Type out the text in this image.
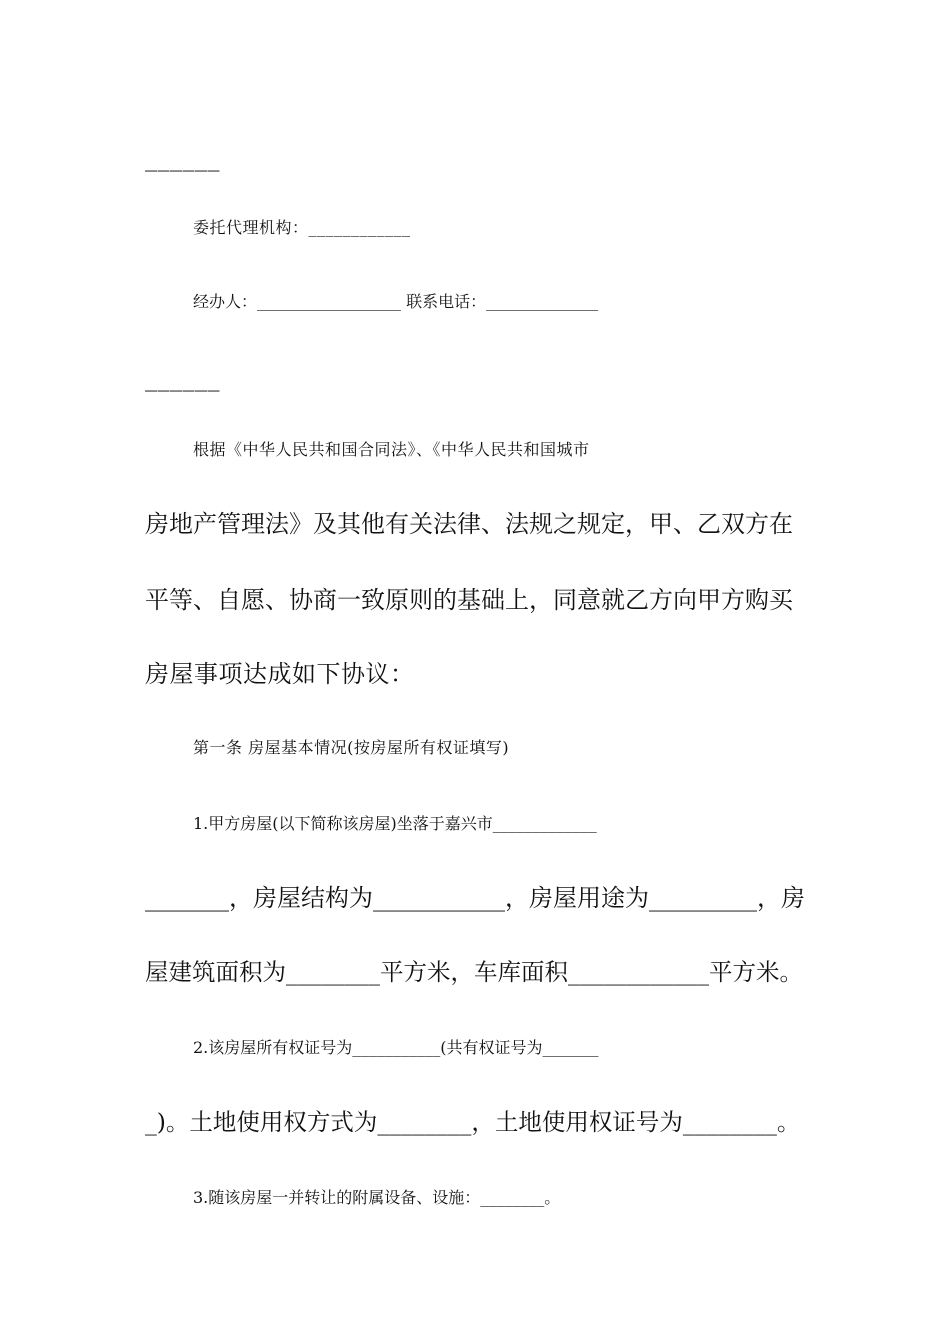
______
委托代理机构：____________
经办人：__________________ 联系电话：______________
______
根据《中华人民共和国合同法》、《中华人民共和国城市
房地产管理法》及其他有关法律、法规之规定，甲、乙双方在
平等、自愿、协商一致原则的基础上，同意就乙方向甲方购买
房屋事项达成如下协议：
第一条 房屋基本情况(按房屋所有权证填写)
1.甲方房屋(以下简称该房屋)坐落于嘉兴市_____________
_______，房屋结构为___________，房屋用途为_________，房
屋建筑面积为________平方米，车库面积____________平方米。
2.该房屋所有权证号为___________(共有权证号为_______
_)。土地使用权方式为________，土地使用权证号为________。
3.随该房屋一并转让的附属设备、设施：________。
